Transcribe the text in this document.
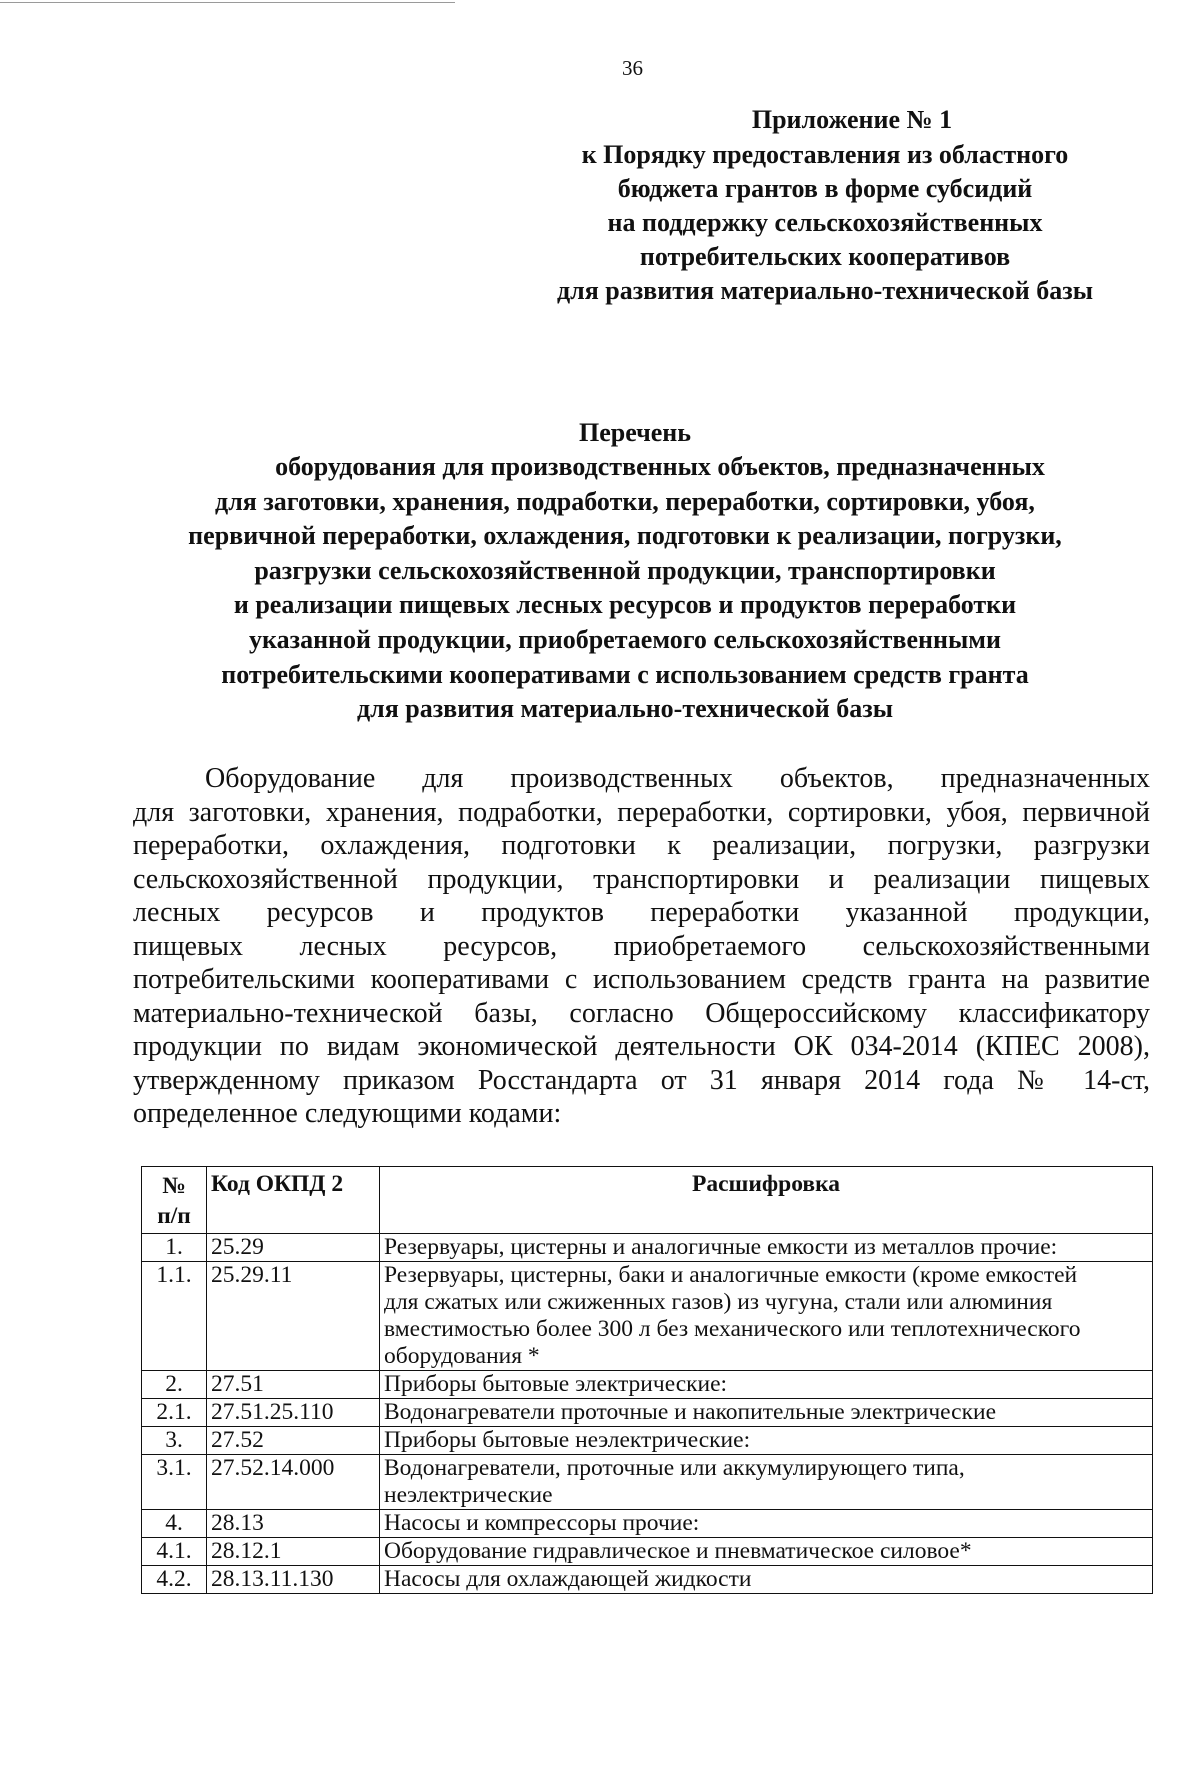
36
Приложение № 1
к Порядку предоставления из областного
бюджета грантов в форме субсидий
на поддержку сельскохозяйственных
потребительских кооперативов
для развития материально-технической базы
Перечень
оборудования для производственных объектов, предназначенных
для заготовки, хранения, подработки, переработки, сортировки, убоя,
первичной переработки, охлаждения, подготовки к реализации, погрузки,
разгрузки сельскохозяйственной продукции, транспортировки
и реализации пищевых лесных ресурсов и продуктов переработки
указанной продукции, приобретаемого сельскохозяйственными
потребительскими кооперативами с использованием средств гранта
для развития материально-технической базы
Оборудование для производственных объектов, предназначенных
для заготовки, хранения, подработки, переработки, сортировки, убоя, первичной
переработки, охлаждения, подготовки к реализации, погрузки, разгрузки
сельскохозяйственной продукции, транспортировки и реализации пищевых
лесных ресурсов и продуктов переработки указанной продукции,
пищевых лесных ресурсов, приобретаемого сельскохозяйственными
потребительскими кооперативами с использованием средств гранта на развитие
материально-технической базы, согласно Общероссийскому классификатору
продукции по видам экономической деятельности ОК 034-2014 (КПЕС 2008),
утвержденному приказом Росстандарта от 31 января 2014 года № 14-ст,
определенное следующими кодами:
№
п/п	Код ОКПД 2	Расшифровка
1.	25.29	Резервуары, цистерны и аналогичные емкости из металлов прочие:
1.1.	25.29.11	Резервуары, цистерны, баки и аналогичные емкости (кроме емкостей
для сжатых или сжиженных газов) из чугуна, стали или алюминия
вместимостью более 300 л без механического или теплотехнического
оборудования *
2.	27.51	Приборы бытовые электрические:
2.1.	27.51.25.110	Водонагреватели проточные и накопительные электрические
3.	27.52	Приборы бытовые неэлектрические:
3.1.	27.52.14.000	Водонагреватели, проточные или аккумулирующего типа,
неэлектрические
4.	28.13	Насосы и компрессоры прочие:
4.1.	28.12.1	Оборудование гидравлическое и пневматическое силовое*
4.2.	28.13.11.130	Насосы для охлаждающей жидкости
